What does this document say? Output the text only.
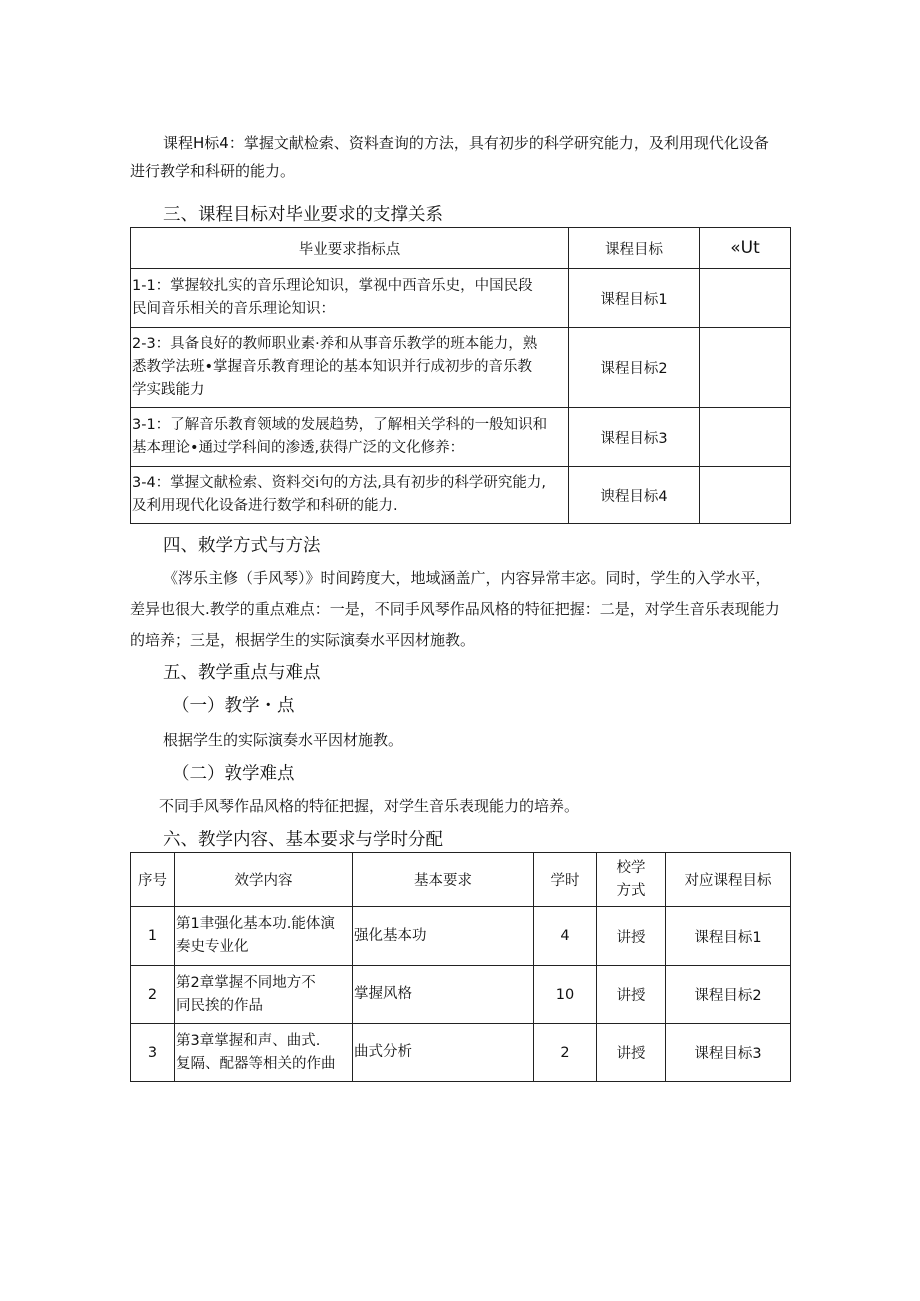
课程H标4：掌握文献检索、资料查询的方法，具有初步的科学研究能力，及利用现代化设备
进行教学和科研的能力。
三、课程目标对毕业要求的支撑关系
毕业要求指标点	课程目标	«Ut

1-1：掌握较扎实的音乐理论知识，掌视中西音乐史，中国民段
民间音乐相关的音乐理论知识：	课程目标1	

2-3：具备良好的教师职业素·养和从事音乐教学的班本能力，熟
悉教学法班•掌握音乐教育理论的基本知识并行成初步的音乐教
学实践能力	课程目标2	

3-1：了解音乐教育领域的发展趋势，了解相关学科的一般知识和
基本理论•通过学科间的渗透,获得广泛的文化修养：	课程目标3	

3-4：掌握文献检索、资料交i句的方法,具有初步的科学研究能力,
及利用现代化设备进行数学和科研的能力.	谀程目标4	
四、敕学方式与方法
《涔乐主修（手风琴）》时间跨度大，地域涵盖广，内容异常丰宓。同时，学生的入学水平，
差异也很大.教学的重点难点：一是，不同手风琴作品风格的特征把握：二是，对学生音乐表现能力
的培养；三是，根据学生的实际演奏水平因材施教。
五、教学重点与难点
（一）教学・点
根据学生的实际演奏水平因材施教。
（二）敦学难点
不同手风琴作品风格的特征把握，对学生音乐表现能力的培养。
六、教学内容、基本要求与学时分配
序号	效学内容	基本要求	学时	校学
方式	对应课程目标
1	第1聿强化基本功.能体演
奏史专业化	强化基本功	4	讲授	课程目标1
2	第2章掌握不同地方不
同民挨的作品	掌握风格	10	讲授	课程目标2
3	第3章掌握和声、曲式.
复隔、配器等相关的作曲	曲式分析	2	讲授	课程目标3
